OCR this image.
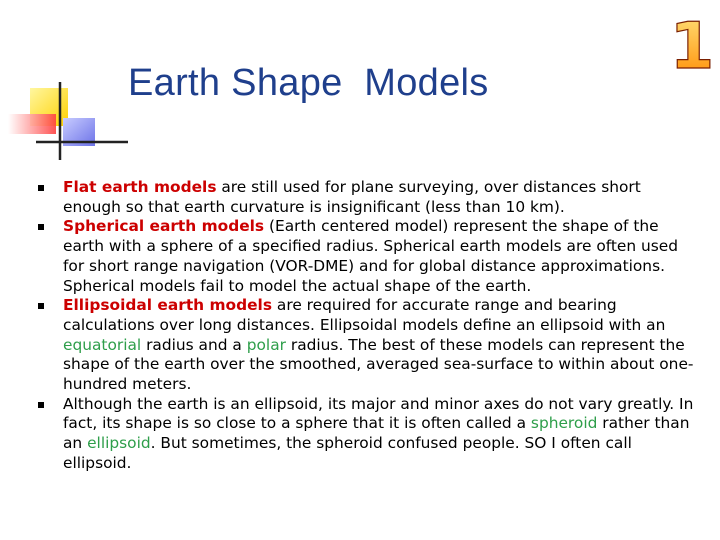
1
Earth Shape  Models
Flat earth models are still used for plane surveying, over distances short enough so that earth curvature is insignificant (less than 10 km).
Spherical earth models (Earth centered model) represent the shape of the earth with a sphere of a specified radius. Spherical earth models are often used for short range navigation (VOR-DME) and for global distance approximations. Spherical models fail to model the actual shape of the earth.
Ellipsoidal earth models are required for accurate range and bearing calculations over long distances. Ellipsoidal models define an ellipsoid with an equatorial radius and a polar radius. The best of these models can represent the shape of the earth over the smoothed, averaged sea-surface to within about one-hundred meters.
Although the earth is an ellipsoid, its major and minor axes do not vary greatly. In fact, its shape is so close to a sphere that it is often called a spheroid rather than an ellipsoid. But sometimes, the spheroid confused people. SO I often call ellipsoid.
